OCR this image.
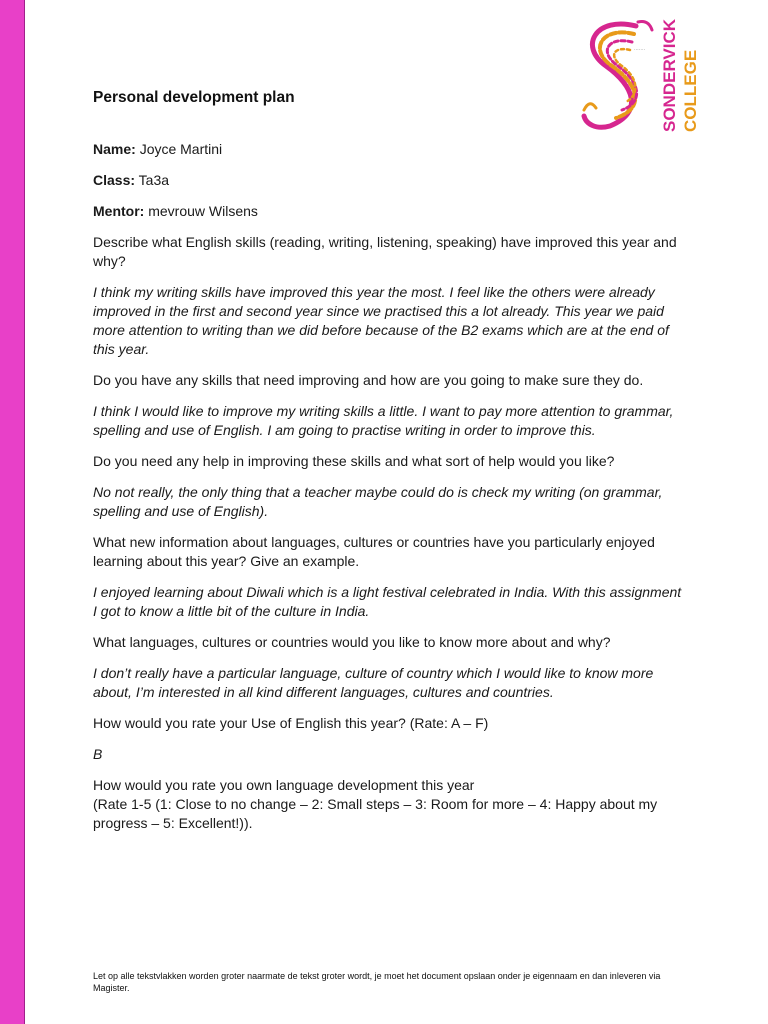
....... SONDERVICK COLLEGE
Personal development plan

Name: Joyce Martini

Class: Ta3a

Mentor: mevrouw Wilsens

Describe what English skills (reading, writing, listening, speaking) have improved this year and why?

I think my writing skills have improved this year the most. I feel like the others were already improved in the first and second year since we practised this a lot already. This year we paid more attention to writing than we did before because of the B2 exams which are at the end of this year.

Do you have any skills that need improving and how are you going to make sure they do.

I think I would like to improve my writing skills a little. I want to pay more attention to grammar, spelling and use of English. I am going to practise writing in order to improve this.

Do you need any help in improving these skills and what sort of help would you like?

No not really, the only thing that a teacher maybe could do is check my writing (on grammar, spelling and use of English).

What new information about languages, cultures or countries have you particularly enjoyed learning about this year? Give an example.

I enjoyed learning about Diwali which is a light festival celebrated in India. With this assignment I got to know a little bit of the culture in India.

What languages, cultures or countries would you like to know more about and why?

I don’t really have a particular language, culture of country which I would like to know more about, I’m interested in all kind different languages, cultures and countries.

How would you rate your Use of English this year? (Rate: A – F)

B

How would you rate you own language development this year
(Rate 1-5 (1: Close to no change – 2: Small steps – 3: Room for more – 4: Happy about my progress – 5: Excellent!)).

Let op alle tekstvlakken worden groter naarmate de tekst groter wordt, je moet het document opslaan onder je eigennaam en dan inleveren via Magister.
